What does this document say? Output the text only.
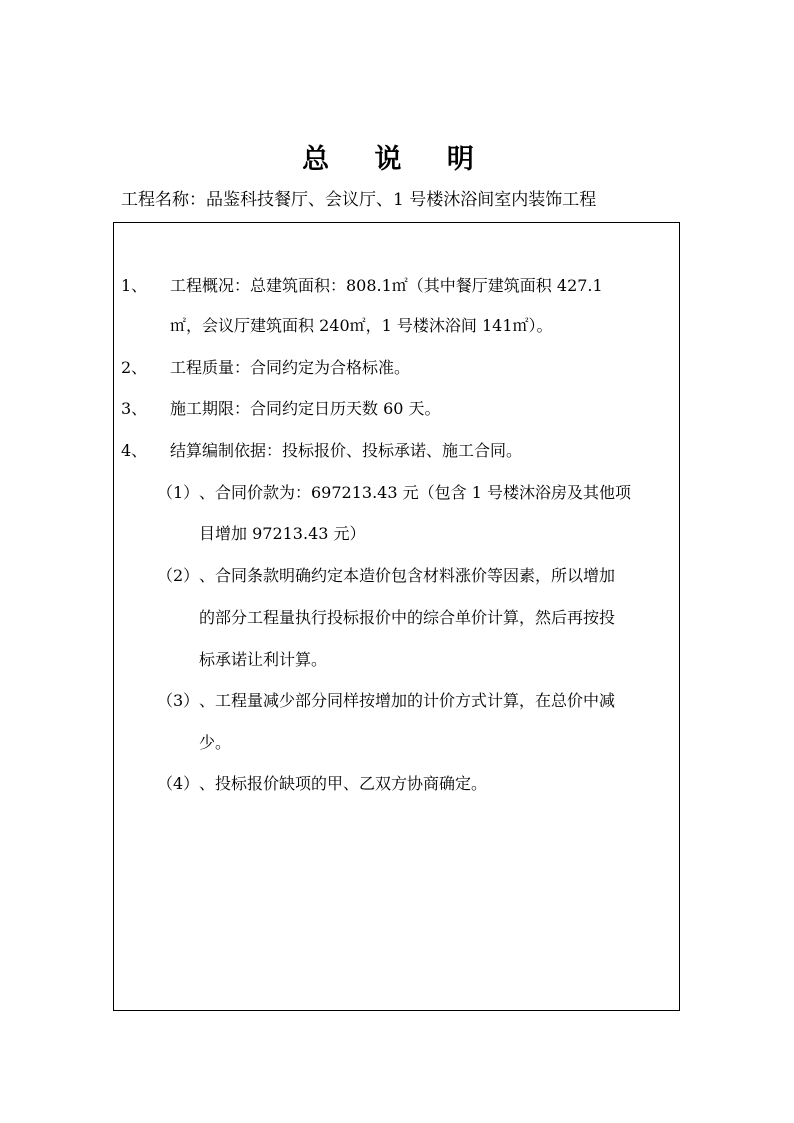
总 说 明
工程名称：品鉴科技餐厅、会议厅、1 号楼沐浴间室内装饰工程
1、 工程概况：总建筑面积：808.1㎡（其中餐厅建筑面积 427.1
㎡，会议厅建筑面积 240㎡，1 号楼沐浴间 141㎡）。
2、 工程质量：合同约定为合格标准。
3、 施工期限：合同约定日历天数 60 天。
4、 结算编制依据：投标报价、投标承诺、施工合同。
（1） 、合同价款为：697213.43 元（包含 1 号楼沐浴房及其他项
目增加 97213.43 元）
（2） 、合同条款明确约定本造价包含材料涨价等因素，所以增加
的部分工程量执行投标报价中的综合单价计算，然后再按投
标承诺让利计算。
（3） 、工程量减少部分同样按增加的计价方式计算，在总价中减
少。
（4） 、投标报价缺项的甲、乙双方协商确定。
